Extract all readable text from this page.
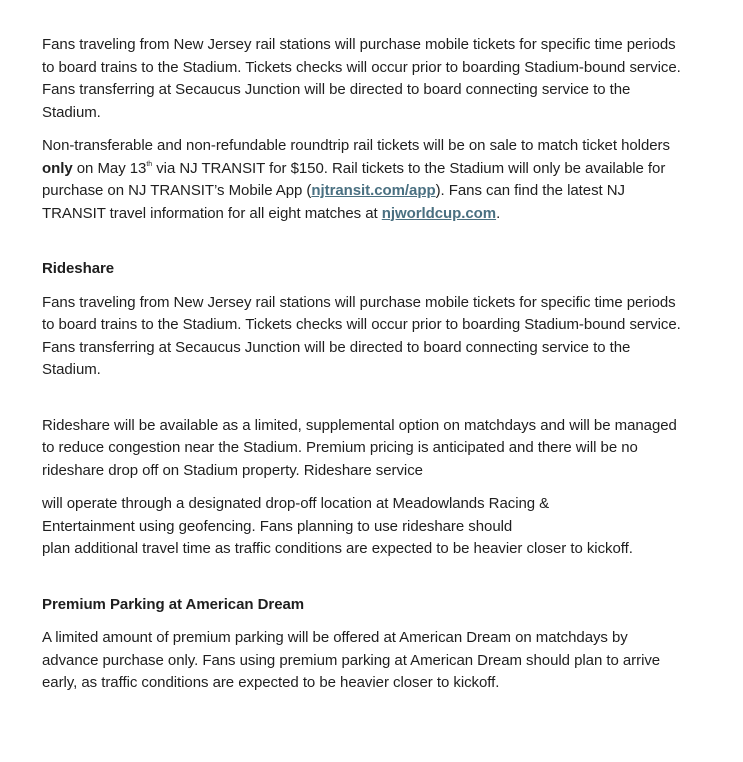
Fans traveling from New Jersey rail stations will purchase mobile tickets for specific time periods to board trains to the Stadium. Tickets checks will occur prior to boarding Stadium-bound service. Fans transferring at Secaucus Junction will be directed to board connecting service to the Stadium.

Non-transferable and non-refundable roundtrip rail tickets will be on sale to match ticket holders only on May 13th via NJ TRANSIT for $150. Rail tickets to the Stadium will only be available for purchase on NJ TRANSIT’s Mobile App (njtransit.com/app). Fans can find the latest NJ TRANSIT travel information for all eight matches at njworldcup.com.

Rideshare

Fans traveling from New Jersey rail stations will purchase mobile tickets for specific time periods to board trains to the Stadium. Tickets checks will occur prior to boarding Stadium-bound service. Fans transferring at Secaucus Junction will be directed to board connecting service to the Stadium.

Rideshare will be available as a limited, supplemental option on matchdays and will be managed to reduce congestion near the Stadium. Premium pricing is anticipated and there will be no rideshare drop off on Stadium property. Rideshare service

will operate through a designated drop-off location at Meadowlands Racing &
Entertainment using geofencing. Fans planning to use rideshare should
plan additional travel time as traffic conditions are expected to be heavier closer to kickoff.

Premium Parking at American Dream

A limited amount of premium parking will be offered at American Dream on matchdays by advance purchase only. Fans using premium parking at American Dream should plan to arrive early, as traffic conditions are expected to be heavier closer to kickoff.
